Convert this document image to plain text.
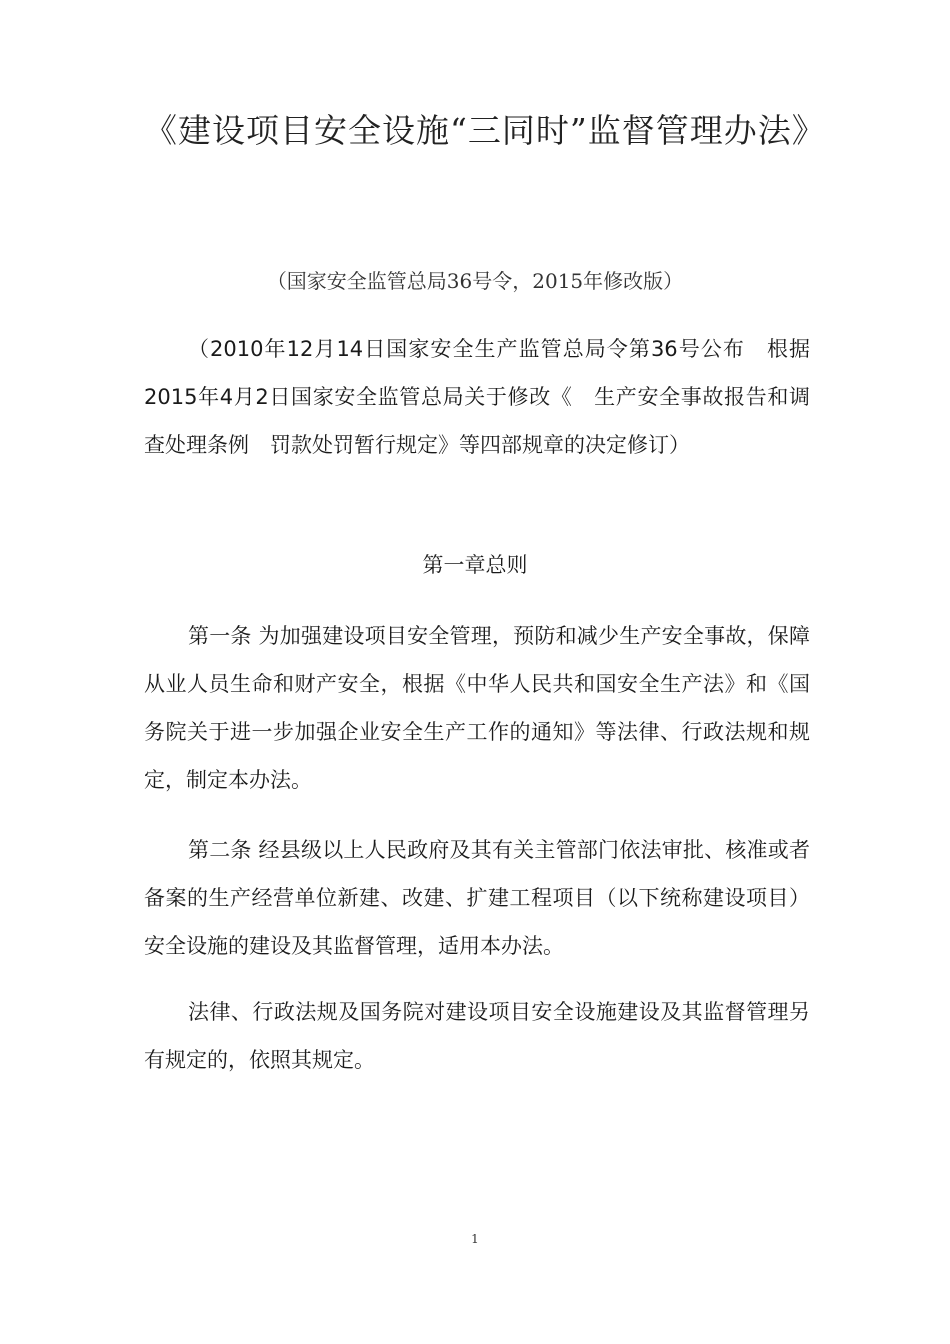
《建设项目安全设施“三同时”监督管理办法》
（国家安全监管总局36号令，2015年修改版）

（2010年12月14日国家安全生产监管总局令第36号公布　根据2015年4月2日国家安全监管总局关于修改《　生产安全事故报告和调查处理条例　罚款处罚暂行规定》等四部规章的决定修订）

第一章总则

第一条 为加强建设项目安全管理，预防和减少生产安全事故，保障从业人员生命和财产安全，根据《中华人民共和国安全生产法》和《国务院关于进一步加强企业安全生产工作的通知》等法律、行政法规和规定，制定本办法。

第二条 经县级以上人民政府及其有关主管部门依法审批、核准或者备案的生产经营单位新建、改建、扩建工程项目（以下统称建设项目）安全设施的建设及其监督管理，适用本办法。

法律、行政法规及国务院对建设项目安全设施建设及其监督管理另有规定的，依照其规定。

1
